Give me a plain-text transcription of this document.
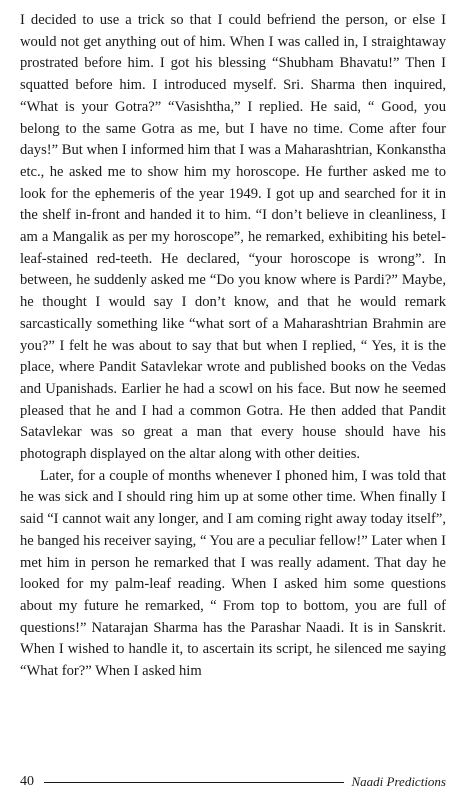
I decided to use a trick so that I could befriend the person, or else I would not get anything out of him. When I was called in, I straightaway prostrated before him. I got his blessing “Shubham Bhavatu!” Then I squatted before him. I introduced myself. Sri. Sharma then inquired, “What is your Gotra?” “Vasishtha,” I replied. He said, “ Good, you belong to the same Gotra as me, but I have no time. Come after four days!” But when I informed him that I was a Maharashtrian, Konkanstha etc., he asked me to show him my horoscope. He further asked me to look for the ephemeris of the year 1949. I got up and searched for it in the shelf in-front and handed it to him. “I don’t believe in cleanliness, I am a Mangalik as per my horoscope”, he remarked, exhibiting his betel-leaf-stained red-teeth. He declared, “your horoscope is wrong”. In between, he suddenly asked me “Do you know where is Pardi?” Maybe, he thought I would say I don’t know, and that he would remark sarcastically something like “what sort of a Maharashtrian Brahmin are you?” I felt he was about to say that but when I replied, “ Yes, it is the place, where Pandit Satavlekar wrote and published books on the Vedas and Upanishads. Earlier he had a scowl on his face. But now he seemed pleased that he and I had a common Gotra. He then added that Pandit Satavlekar was so great a man that every house should have his photograph displayed on the altar along with other deities.

Later, for a couple of months whenever I phoned him, I was told that he was sick and I should ring him up at some other time. When finally I said “I cannot wait any longer, and I am coming right away today itself”, he banged his receiver saying, “ You are a peculiar fellow!” Later when I met him in person he remarked that I was really adament. That day he looked for my palm-leaf reading. When I asked him some questions about my future he remarked, “ From top to bottom, you are full of questions!” Natarajan Sharma has the Parashar Naadi. It is in Sanskrit. When I wished to handle it, to ascertain its script, he silenced me saying “What for?” When I asked him

40	Naadi Predictions
